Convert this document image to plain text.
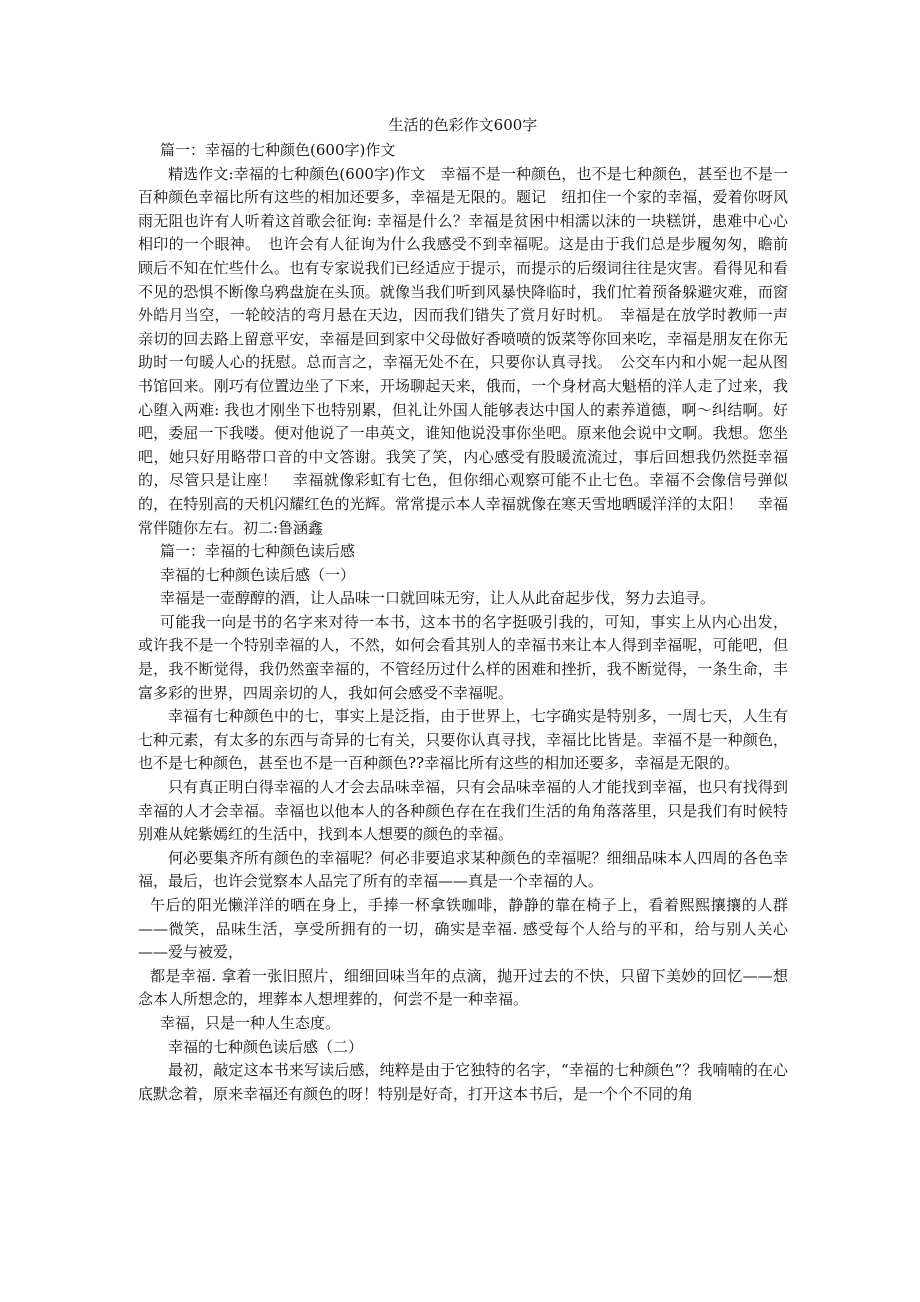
生活的色彩作文600字

篇一：幸福的七种颜色(600字)作文

精选作文:幸福的七种颜色(600字)作文　幸福不是一种颜色，也不是七种颜色，甚至也不是一百种颜色幸福比所有这些的相加还要多，幸福是无限的。题记　纽扣住一个家的幸福，爱着你呀风雨无阻也许有人听着这首歌会征询: 幸福是什么？幸福是贫困中相濡以沫的一块糕饼，患难中心心相印的一个眼神。　也许会有人征询为什么我感受不到幸福呢。这是由于我们总是步履匆匆，瞻前顾后不知在忙些什么。也有专家说我们已经适应于提示，而提示的后缀词往往是灾害。看得见和看不见的恐惧不断像乌鸦盘旋在头顶。就像当我们听到风暴快降临时，我们忙着预备躲避灾难，而窗外皓月当空，一轮皎洁的弯月悬在天边，因而我们错失了赏月好时机。　幸福是在放学时教师一声亲切的回去路上留意平安，幸福是回到家中父母做好香喷喷的饭菜等你回来吃，幸福是朋友在你无助时一句暖人心的抚慰。总而言之，幸福无处不在，只要你认真寻找。　公交车内和小妮一起从图书馆回来。刚巧有位置边坐了下来，开场聊起天来，俄而，一个身材高大魁梧的洋人走了过来，我心堕入两难: 我也才刚坐下也特别累，但礼让外国人能够表达中国人的素养道德，啊～纠结啊。好吧，委屈一下我喽。便对他说了一串英文，谁知他说没事你坐吧。原来他会说中文啊。我想。您坐吧，她只好用略带口音的中文答谢。我笑了笑，内心感受有股暖流流过，事后回想我仍然挺幸福的，尽管只是让座！　幸福就像彩虹有七色，但你细心观察可能不止七色。幸福不会像信号弹似的，在特别高的天机闪耀红色的光辉。常常提示本人幸福就像在寒天雪地晒暖洋洋的太阳！　幸福常伴随你左右。初二:鲁涵鑫

篇一：幸福的七种颜色读后感

幸福的七种颜色读后感（一）

幸福是一壶醇醇的酒，让人品味一口就回味无穷，让人从此奋起步伐，努力去追寻。

可能我一向是书的名字来对待一本书，这本书的名字挺吸引我的，可知，事实上从内心出发，或许我不是一个特别幸福的人，不然，如何会看其别人的幸福书来让本人得到幸福呢，可能吧，但是，我不断觉得，我仍然蛮幸福的，不管经历过什么样的困难和挫折，我不断觉得，一条生命，丰富多彩的世界，四周亲切的人，我如何会感受不幸福呢。

幸福有七种颜色中的七，事实上是泛指，由于世界上，七字确实是特别多，一周七天，人生有七种元素，有太多的东西与奇异的七有关，只要你认真寻找，幸福比比皆是。幸福不是一种颜色，也不是七种颜色，甚至也不是一百种颜色??幸福比所有这些的相加还要多，幸福是无限的。

只有真正明白得幸福的人才会去品味幸福，只有会品味幸福的人才能找到幸福，也只有找得到幸福的人才会幸福。幸福也以他本人的各种颜色存在在我们生活的角角落落里，只是我们有时候特别难从姹紫嫣红的生活中，找到本人想要的颜色的幸福。

何必要集齐所有颜色的幸福呢？何必非要追求某种颜色的幸福呢？细细品味本人四周的各色幸福，最后，也许会觉察本人品完了所有的幸福——真是一个幸福的人。

午后的阳光懒洋洋的晒在身上，手捧一杯拿铁咖啡，静静的靠在椅子上，看着熙熙攘攘的人群——微笑，品味生活，享受所拥有的一切，确实是幸福. 感受每个人给与的平和，给与别人关心——爱与被爱，

都是幸福. 拿着一张旧照片，细细回味当年的点滴，抛开过去的不快，只留下美妙的回忆——想念本人所想念的，埋葬本人想埋葬的，何尝不是一种幸福。

幸福，只是一种人生态度。

幸福的七种颜色读后感（二）

最初，敲定这本书来写读后感，纯粹是由于它独特的名字，“幸福的七种颜色”？我喃喃的在心底默念着，原来幸福还有颜色的呀！特别是好奇，打开这本书后，是一个个不同的角
